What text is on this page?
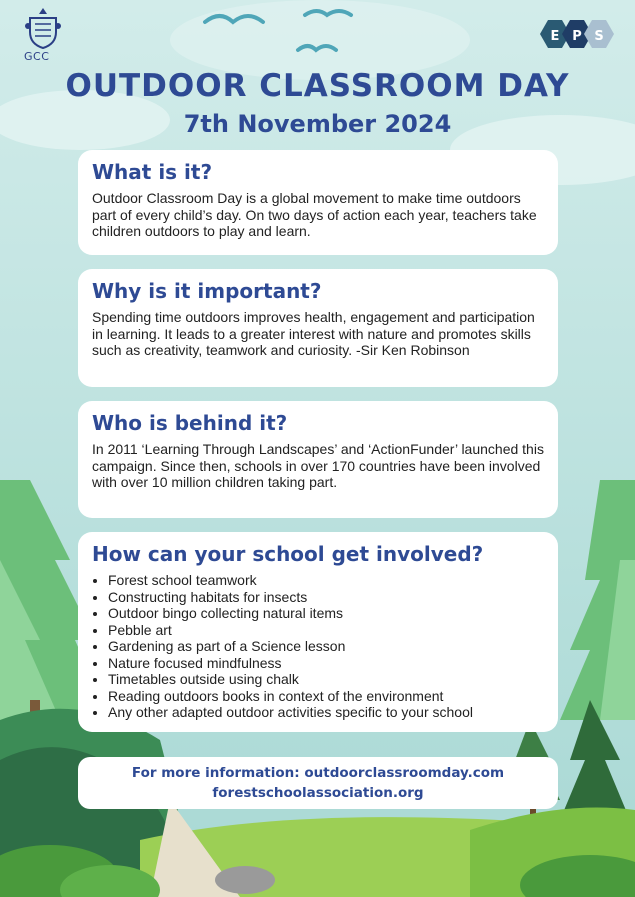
GCC
E P S
OUTDOOR CLASSROOM DAY
7th November 2024
What is it?

Outdoor Classroom Day is a global movement to make time outdoors part of every child’s day. On two days of action each year, teachers take children outdoors to play and learn.

Why is it important?

Spending time outdoors improves health, engagement and participation in learning. It leads to a greater interest with nature and promotes skills such as creativity, teamwork and curiosity. -Sir Ken Robinson

Who is behind it?

In 2011 ‘Learning Through Landscapes’ and ‘ActionFunder’ launched this campaign. Since then, schools in over 170 countries have been involved with over 10 million children taking part.

How can your school get involved?
• Forest school teamwork
• Constructing habitats for insects
• Outdoor bingo collecting natural items
• Pebble art
• Gardening as part of a Science lesson
• Nature focused mindfulness
• Timetables outside using chalk
• Reading outdoors books in context of the environment
• Any other adapted outdoor activities specific to your school
For more information: outdoorclassroomday.com
forestschoolassociation.org
